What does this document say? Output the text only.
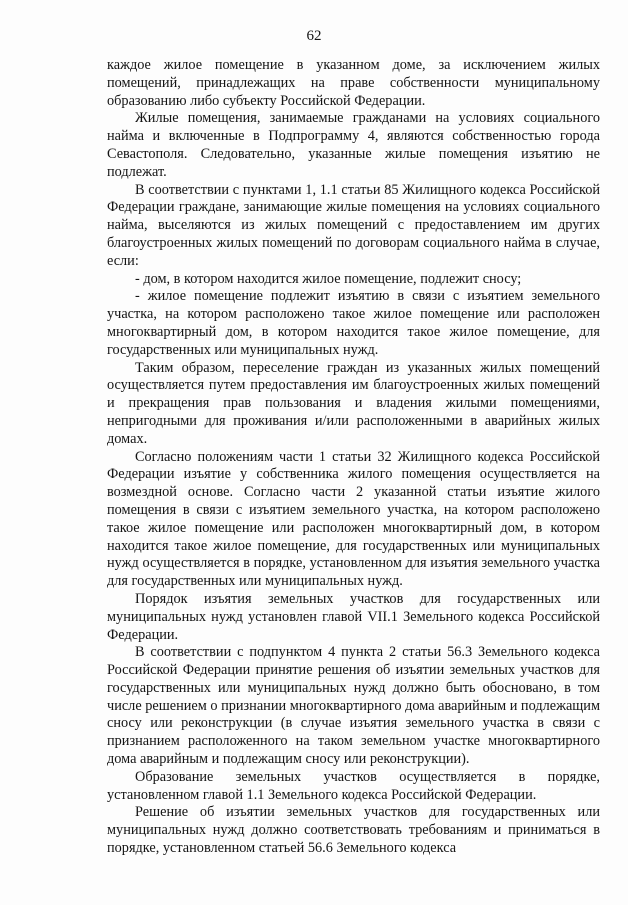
62

каждое жилое помещение в указанном доме, за исключением жилых помещений, принадлежащих на праве собственности муниципальному образованию либо субъекту Российской Федерации.

Жилые помещения, занимаемые гражданами на условиях социального найма и включенные в Подпрограмму 4, являются собственностью города Севастополя. Следовательно, указанные жилые помещения изъятию не подлежат.

В соответствии с пунктами 1, 1.1 статьи 85 Жилищного кодекса Российской Федерации граждане, занимающие жилые помещения на условиях социального найма, выселяются из жилых помещений с предоставлением им других благоустроенных жилых помещений по договорам социального найма в случае, если:

- дом, в котором находится жилое помещение, подлежит сносу;

- жилое помещение подлежит изъятию в связи с изъятием земельного участка, на котором расположено такое жилое помещение или расположен многоквартирный дом, в котором находится такое жилое помещение, для государственных или муниципальных нужд.

Таким образом, переселение граждан из указанных жилых помещений осуществляется путем предоставления им благоустроенных жилых помещений и прекращения прав пользования и владения жилыми помещениями, непригодными для проживания и/или расположенными в аварийных жилых домах.

Согласно положениям части 1 статьи 32 Жилищного кодекса Российской Федерации изъятие у собственника жилого помещения осуществляется на возмездной основе. Согласно части 2 указанной статьи изъятие жилого помещения в связи с изъятием земельного участка, на котором расположено такое жилое помещение или расположен многоквартирный дом, в котором находится такое жилое помещение, для государственных или муниципальных нужд осуществляется в порядке, установленном для изъятия земельного участка для государственных или муниципальных нужд.

Порядок изъятия земельных участков для государственных или муниципальных нужд установлен главой VII.1 Земельного кодекса Российской Федерации.

В соответствии с подпунктом 4 пункта 2 статьи 56.3 Земельного кодекса Российской Федерации принятие решения об изъятии земельных участков для государственных или муниципальных нужд должно быть обосновано, в том числе решением о признании многоквартирного дома аварийным и подлежащим сносу или реконструкции (в случае изъятия земельного участка в связи с признанием расположенного на таком земельном участке многоквартирного дома аварийным и подлежащим сносу или реконструкции).

Образование земельных участков осуществляется в порядке, установленном главой 1.1 Земельного кодекса Российской Федерации.

Решение об изъятии земельных участков для государственных или муниципальных нужд должно соответствовать требованиям и приниматься в порядке, установленном статьей 56.6 Земельного кодекса
